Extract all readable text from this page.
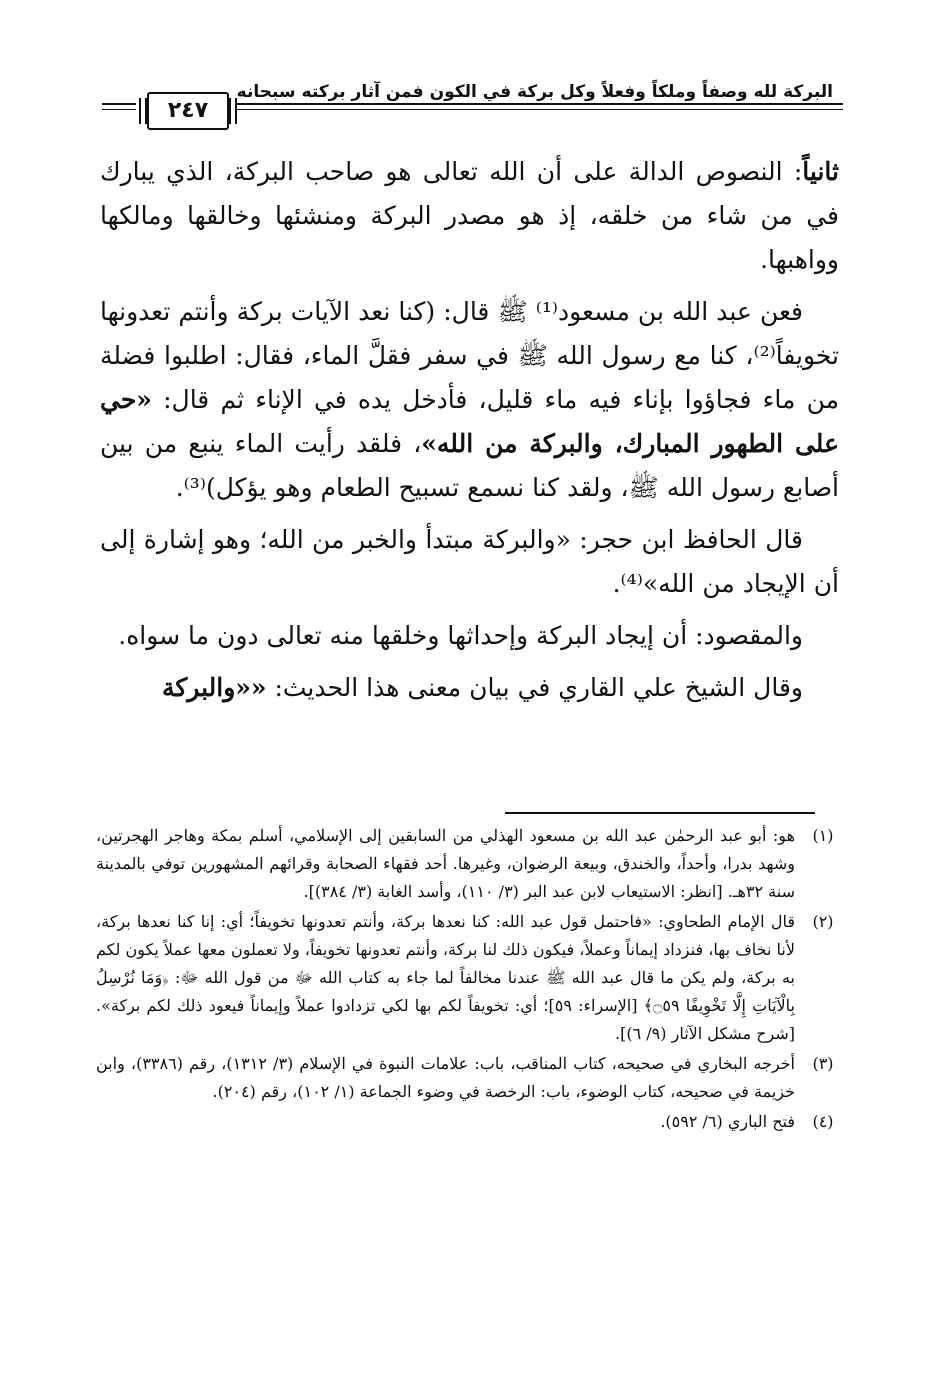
البركة لله وصفاً وملكاً وفعلاً وكل بركة في الكون فمن آثار بركته سبحانه
٢٤٧

ثانياً: النصوص الدالة على أن الله تعالى هو صاحب البركة، الذي يبارك في من شاء من خلقه، إذ هو مصدر البركة ومنشئها وخالقها ومالكها وواهبها.

فعن عبد الله بن مسعود⁽¹⁾ ﷺ قال: (كنا نعد الآيات بركة وأنتم تعدونها تخويفاً⁽²⁾، كنا مع رسول الله ﷺ في سفر فقلَّ الماء، فقال: اطلبوا فضلة من ماء فجاؤوا بإناء فيه ماء قليل، فأدخل يده في الإناء ثم قال: «حي على الطهور المبارك، والبركة من الله»، فلقد رأيت الماء ينبع من بين أصابع رسول الله ﷺ، ولقد كنا نسمع تسبيح الطعام وهو يؤكل)⁽³⁾.

قال الحافظ ابن حجر: «والبركة مبتدأ والخبر من الله؛ وهو إشارة إلى أن الإيجاد من الله»⁽⁴⁾.

والمقصود: أن إيجاد البركة وإحداثها وخلقها منه تعالى دون ما سواه.

وقال الشيخ علي القاري في بيان معنى هذا الحديث: ««والبركة

(١)
هو: أبو عبد الرحمٰن عبد الله بن مسعود الهذلي من السابقين إلى الإسلامي، أسلم بمكة وهاجر الهجرتين، وشهد بدرا، وأحداً، والخندق، وبيعة الرضوان، وغيرها. أحد فقهاء الصحابة وقرائهم المشهورين توفي بالمدينة سنة ٣٢هـ. [انظر: الاستيعاب لابن عبد البر (٣/ ١١٠)، وأسد الغابة (٣/ ٣٨٤)].
(٢)
قال الإمام الطحاوي: «فاحتمل قول عبد الله: كنا نعدها بركة، وأنتم تعدونها تخويفاً؛ أي: إنا كنا نعدها بركة، لأنا نخاف بها، فنزداد إيماناً وعملاً، فيكون ذلك لنا بركة، وأنتم تعدونها تخويفاً، ولا تعملون معها عملاً يكون لكم به بركة، ولم يكن ما قال عبد الله ﷺ عندنا مخالفاً لما جاء به كتاب الله ﷻ من قول الله ﷻ: ﴿وَمَا نُرْسِلُ بِالْآيَاتِ إِلَّا تَخْوِيفًا ۝٥٩﴾ [الإسراء: ٥٩]؛ أي: تخويفاً لكم بها لكي تزدادوا عملاً وإيماناً فيعود ذلك لكم بركة». [شرح مشكل الآثار (٩/ ٦)].
(٣)
أخرجه البخاري في صحيحه، كتاب المناقب، باب: علامات النبوة في الإسلام (٣/ ١٣١٢)، رقم (٣٣٨٦)، وابن خزيمة في صحيحه، كتاب الوضوء، باب: الرخصة في وضوء الجماعة (١/ ١٠٢)، رقم (٢٠٤).
(٤)
فتح الباري (٦/ ٥٩٢).
